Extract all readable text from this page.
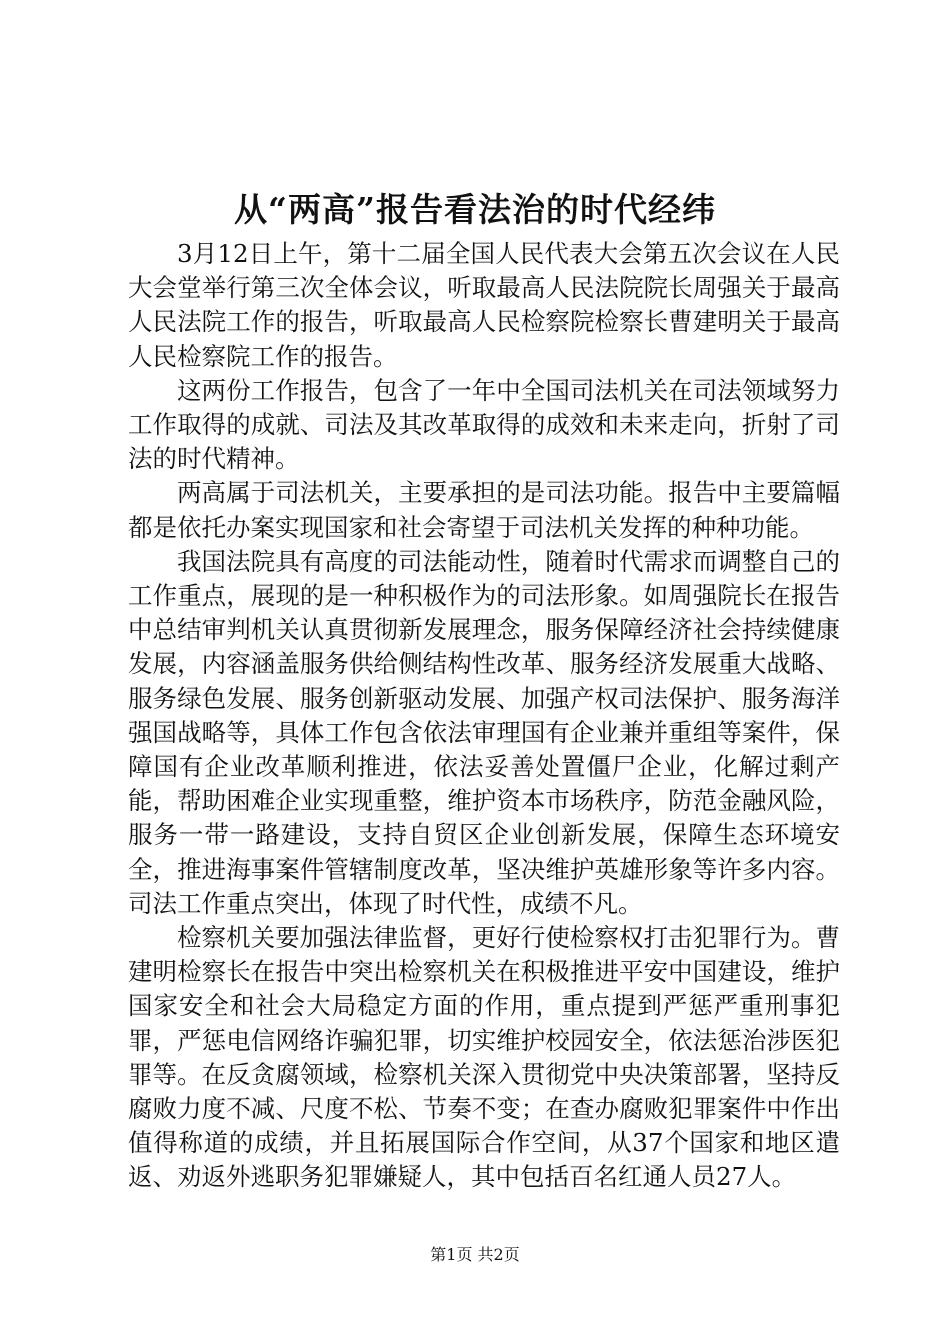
从“两高”报告看法治的时代经纬

3月12日上午，第十二届全国人民代表大会第五次会议在人民大会堂举行第三次全体会议，听取最高人民法院院长周强关于最高人民法院工作的报告，听取最高人民检察院检察长曹建明关于最高人民检察院工作的报告。

这两份工作报告，包含了一年中全国司法机关在司法领域努力工作取得的成就、司法及其改革取得的成效和未来走向，折射了司法的时代精神。

两高属于司法机关，主要承担的是司法功能。报告中主要篇幅都是依托办案实现国家和社会寄望于司法机关发挥的种种功能。

我国法院具有高度的司法能动性，随着时代需求而调整自己的工作重点，展现的是一种积极作为的司法形象。如周强院长在报告中总结审判机关认真贯彻新发展理念，服务保障经济社会持续健康发展，内容涵盖服务供给侧结构性改革、服务经济发展重大战略、服务绿色发展、服务创新驱动发展、加强产权司法保护、服务海洋强国战略等，具体工作包含依法审理国有企业兼并重组等案件，保障国有企业改革顺利推进，依法妥善处置僵尸企业，化解过剩产能，帮助困难企业实现重整，维护资本市场秩序，防范金融风险，服务一带一路建设，支持自贸区企业创新发展，保障生态环境安全，推进海事案件管辖制度改革，坚决维护英雄形象等许多内容。司法工作重点突出，体现了时代性，成绩不凡。

检察机关要加强法律监督，更好行使检察权打击犯罪行为。曹建明检察长在报告中突出检察机关在积极推进平安中国建设，维护国家安全和社会大局稳定方面的作用，重点提到严惩严重刑事犯罪，严惩电信网络诈骗犯罪，切实维护校园安全，依法惩治涉医犯罪等。在反贪腐领域，检察机关深入贯彻党中央决策部署，坚持反腐败力度不减、尺度不松、节奏不变；在查办腐败犯罪案件中作出值得称道的成绩，并且拓展国际合作空间，从37个国家和地区遣返、劝返外逃职务犯罪嫌疑人，其中包括百名红通人员27人。

第1页 共2页
